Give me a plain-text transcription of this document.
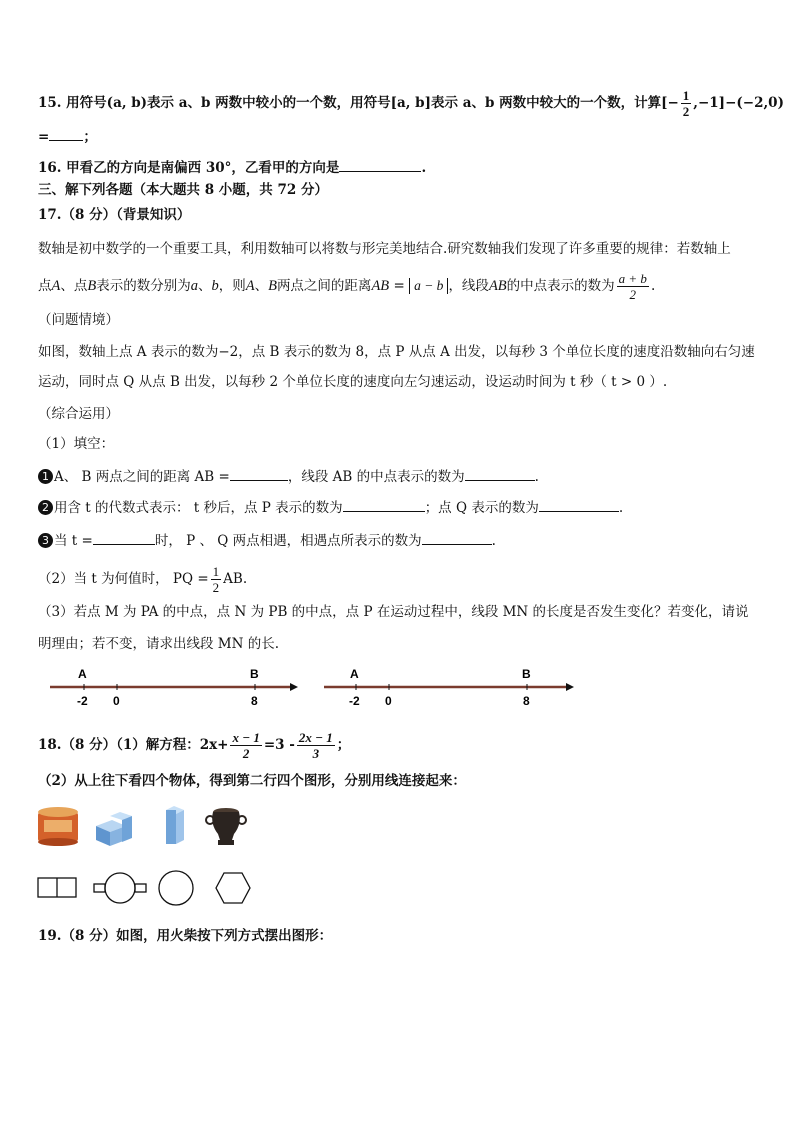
15. 用符号(a, b)表示 a、b 两数中较小的一个数，用符号[a, b]表示 a、b 两数中较大的一个数，计算[− $\frac{1}{2} ,-1]-(-2,0)$
=	；
16. 甲看乙的方向是南偏西 30°，乙看甲的方向是	.
三、解下列各题（本大题共 8 小题，共 72 分）
17.（8 分）（背景知识）
数轴是初中数学的一个重要工具，利用数轴可以将数与形完美地结合.研究数轴我们发现了许多重要的规律：若数轴上
点A、点B表示的数分别为a、b，则A、B两点之间的距离AB = a − b ，线段AB的中点表示的数为 $\frac{a + b}{2}$ .
（问题情境）
如图，数轴上点 A 表示的数为−2，点 B 表示的数为 8，点 P 从点 A 出发，以每秒 3 个单位长度的速度沿数轴向右匀速
运动，同时点 Q 从点 B 出发，以每秒 2 个单位长度的速度向左匀速运动，设运动时间为 t 秒（ t > 0 ）.
（综合运用）
（1）填空：
1 A、 B 两点之间的距离 AB =	，线段 AB 的中点表示的数为	.
2 用含 t 的代数式表示： t 秒后，点 P 表示的数为	；点 Q 表示的数为	.
3 当 t =	时， P 、 Q 两点相遇，相遇点所表示的数为	.
（2）当 t 为何值时， PQ = $\frac{1}{2}$ AB.
（3）若点 M 为 PA 的中点，点 N 为 PB 的中点，点 P 在运动过程中，线段 MN 的长度是否发生变化？若变化，请说
明理由；若不变，请求出线段 MN 的长.
A	B
-2 0	8
A	B
-2 0	8
18.（8 分）（1）解方程：$2x+ \frac{x - 1}{2} =3 - \frac{2x - 1}{3}$ ；
（2）从上往下看四个物体，得到第二行四个图形，分别用线连接起来：
19.（8 分）如图，用火柴按下列方式摆出图形：
